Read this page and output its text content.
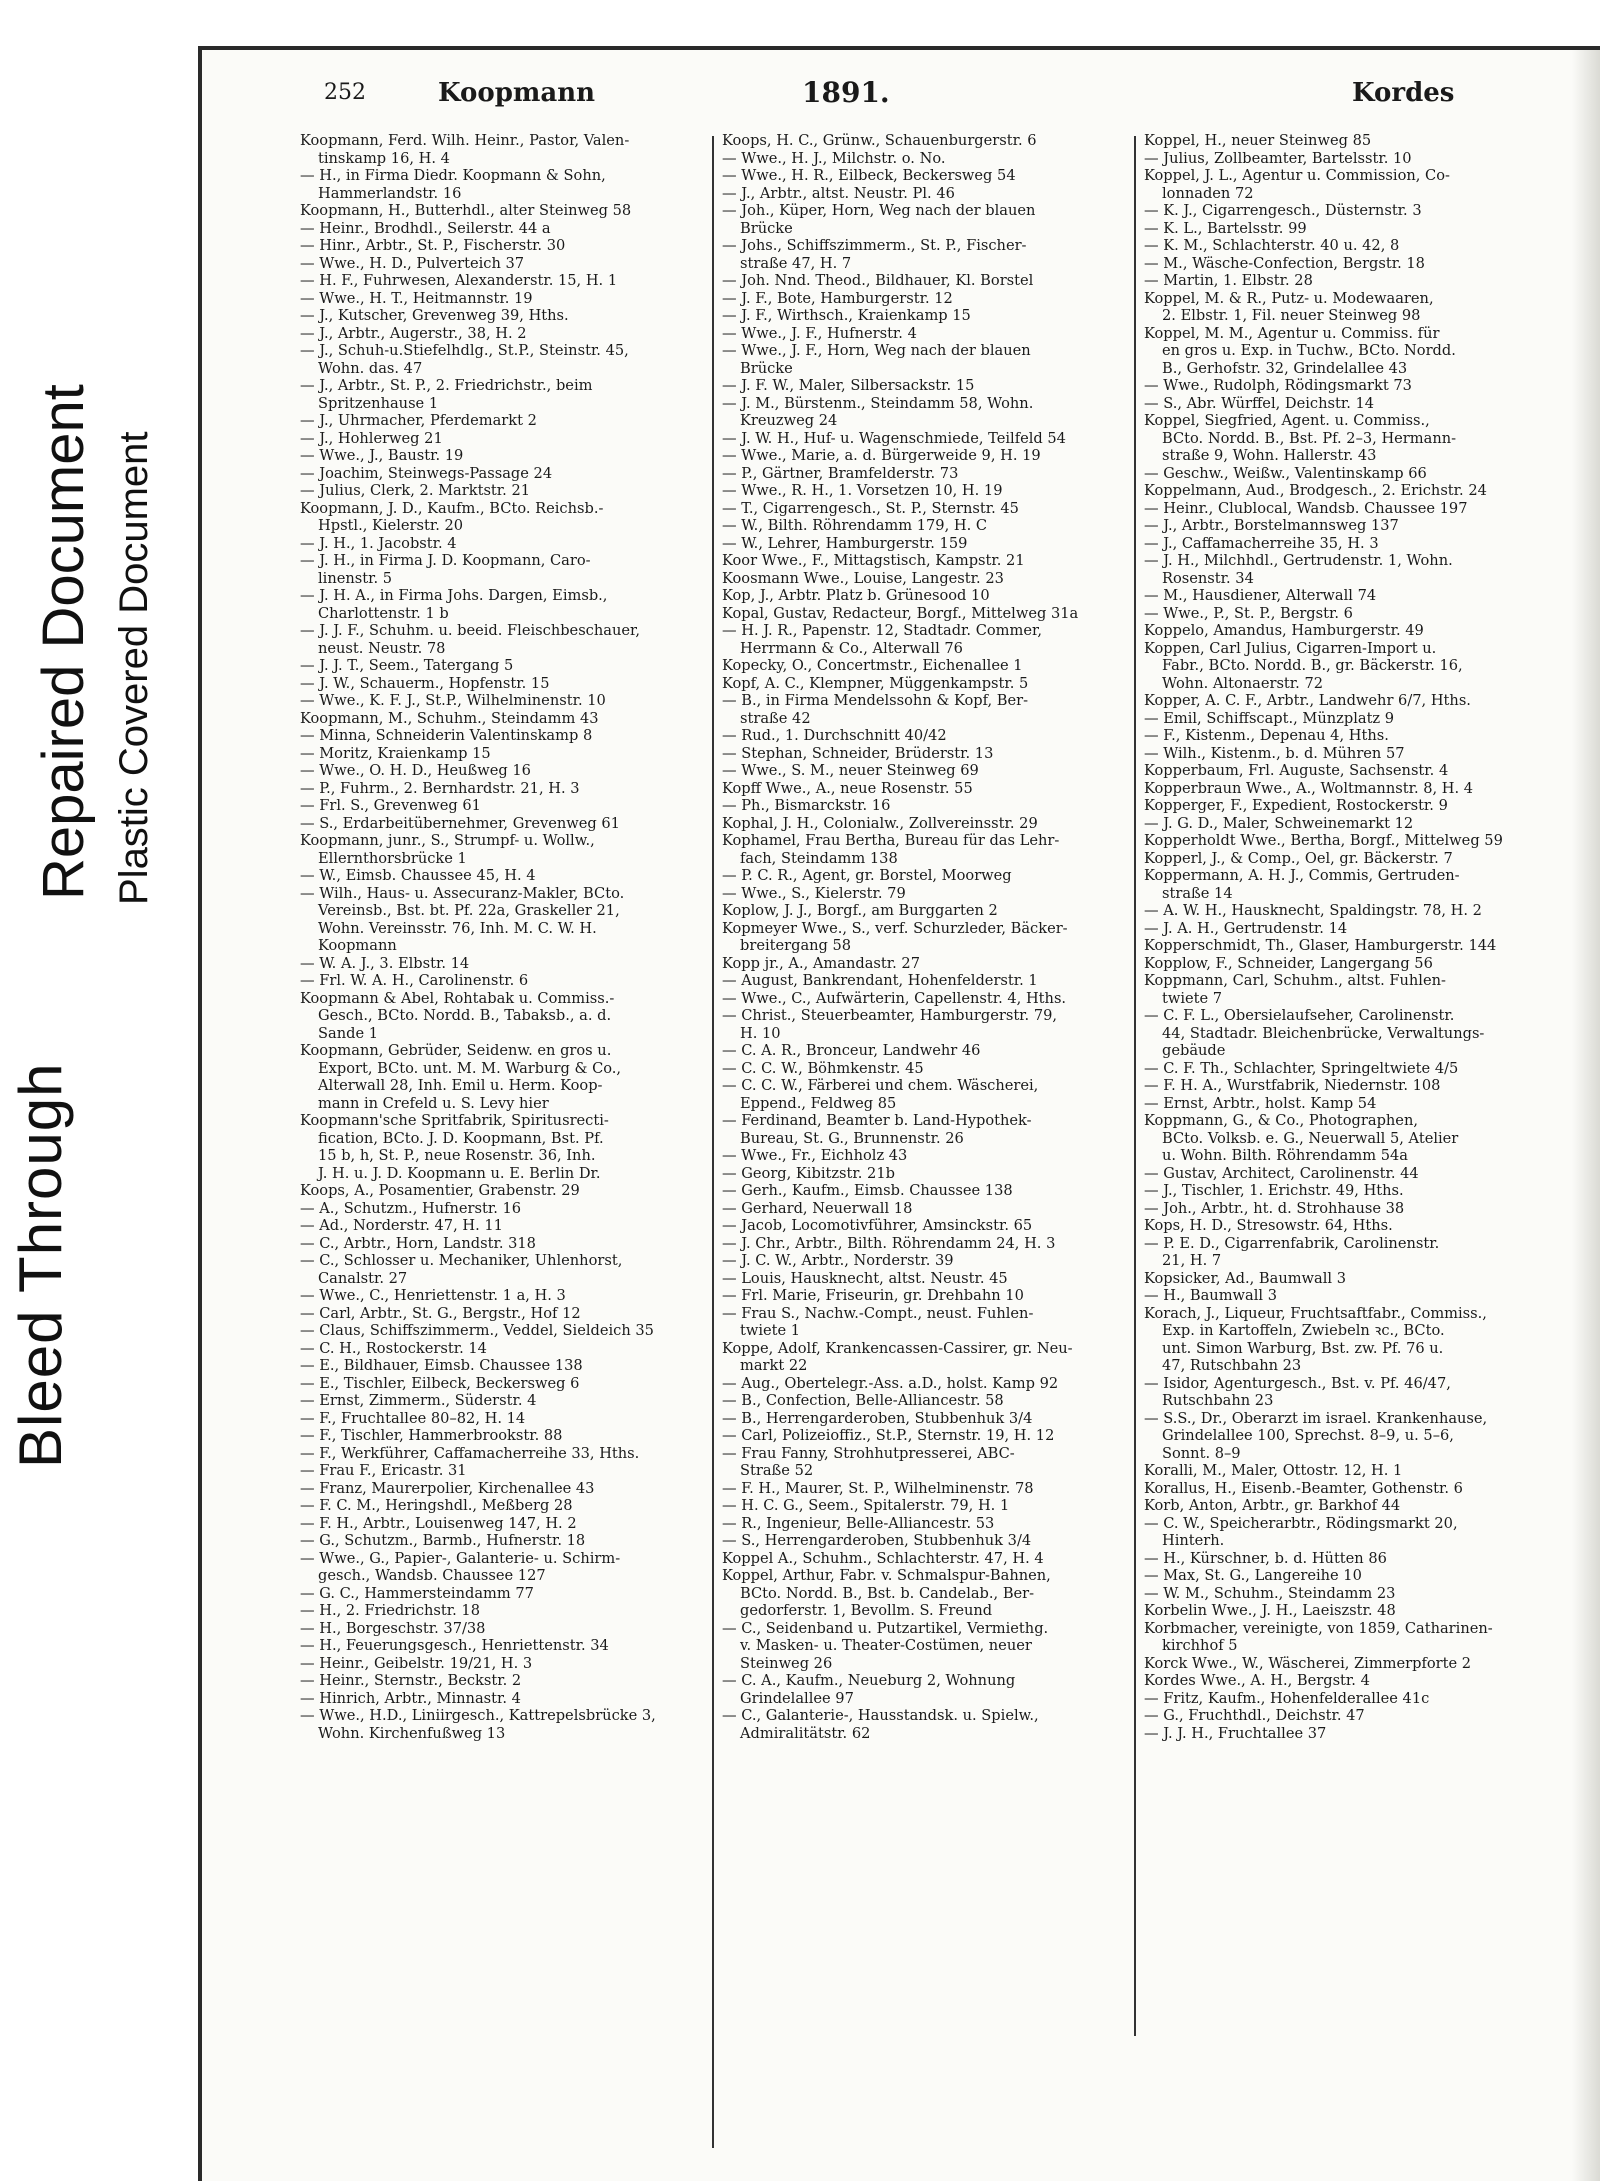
Bleed Through
Repaired Document Plastic Covered Document
252	Koopmann	1891.	Kordes
Koopmann, Ferd. Wilh. Heinr., Pastor, Valen-
tinskamp 16, H. 4
— H., in Firma Diedr. Koopmann & Sohn,
Hammerlandstr. 16
Koopmann, H., Butterhdl., alter Steinweg 58
— Heinr., Brodhdl., Seilerstr. 44 a
— Hinr., Arbtr., St. P., Fischerstr. 30
— Wwe., H. D., Pulverteich 37
— H. F., Fuhrwesen, Alexanderstr. 15, H. 1
— Wwe., H. T., Heitmannstr. 19
— J., Kutscher, Grevenweg 39, Hths.
— J., Arbtr., Augerstr., 38, H. 2
— J., Schuh-u.Stiefelhdlg., St.P., Steinstr. 45,
Wohn. das. 47
— J., Arbtr., St. P., 2. Friedrichstr., beim
Spritzenhause 1
— J., Uhrmacher, Pferdemarkt 2
— J., Hohlerweg 21
— Wwe., J., Baustr. 19
— Joachim, Steinwegs-Passage 24
— Julius, Clerk, 2. Marktstr. 21
Koopmann, J. D., Kaufm., BCto. Reichsb.-
Hpstl., Kielerstr. 20
— J. H., 1. Jacobstr. 4
— J. H., in Firma J. D. Koopmann, Caro-
linenstr. 5
— J. H. A., in Firma Johs. Dargen, Eimsb.,
Charlottenstr. 1 b
— J. J. F., Schuhm. u. beeid. Fleischbeschauer,
neust. Neustr. 78
— J. J. T., Seem., Tatergang 5
— J. W., Schauerm., Hopfenstr. 15
— Wwe., K. F. J., St.P., Wilhelminenstr. 10
Koopmann, M., Schuhm., Steindamm 43
— Minna, Schneiderin Valentinskamp 8
— Moritz, Kraienkamp 15
— Wwe., O. H. D., Heußweg 16
— P., Fuhrm., 2. Bernhardstr. 21, H. 3
— Frl. S., Grevenweg 61
— S., Erdarbeitübernehmer, Grevenweg 61
Koopmann, junr., S., Strumpf- u. Wollw.,
Ellernthorsbrücke 1
— W., Eimsb. Chaussee 45, H. 4
— Wilh., Haus- u. Assecuranz-Makler, BCto.
Vereinsb., Bst. bt. Pf. 22a, Graskeller 21,
Wohn. Vereinsstr. 76, Inh. M. C. W. H.
Koopmann
— W. A. J., 3. Elbstr. 14
— Frl. W. A. H., Carolinenstr. 6
Koopmann & Abel, Rohtabak u. Commiss.-
Gesch., BCto. Nordd. B., Tabaksb., a. d.
Sande 1
Koopmann, Gebrüder, Seidenw. en gros u.
Export, BCto. unt. M. M. Warburg & Co.,
Alterwall 28, Inh. Emil u. Herm. Koop-
mann in Crefeld u. S. Levy hier
Koopmann'sche Spritfabrik, Spiritusrecti-
fication, BCto. J. D. Koopmann, Bst. Pf.
15 b, h, St. P., neue Rosenstr. 36, Inh.
J. H. u. J. D. Koopmann u. E. Berlin Dr.
Koops, A., Posamentier, Grabenstr. 29
— A., Schutzm., Hufnerstr. 16
— Ad., Norderstr. 47, H. 11
— C., Arbtr., Horn, Landstr. 318
— C., Schlosser u. Mechaniker, Uhlenhorst,
Canalstr. 27
— Wwe., C., Henriettenstr. 1 a, H. 3
— Carl, Arbtr., St. G., Bergstr., Hof 12
— Claus, Schiffszimmerm., Veddel, Sieldeich 35
— C. H., Rostockerstr. 14
— E., Bildhauer, Eimsb. Chaussee 138
— E., Tischler, Eilbeck, Beckersweg 6
— Ernst, Zimmerm., Süderstr. 4
— F., Fruchtallee 80–82, H. 14
— F., Tischler, Hammerbrookstr. 88
— F., Werkführer, Caffamacherreihe 33, Hths.
— Frau F., Ericastr. 31
— Franz, Maurerpolier, Kirchenallee 43
— F. C. M., Heringshdl., Meßberg 28
— F. H., Arbtr., Louisenweg 147, H. 2
— G., Schutzm., Barmb., Hufnerstr. 18
— Wwe., G., Papier-, Galanterie- u. Schirm-
gesch., Wandsb. Chaussee 127
— G. C., Hammersteindamm 77
— H., 2. Friedrichstr. 18
— H., Borgeschstr. 37/38
— H., Feuerungsgesch., Henriettenstr. 34
— Heinr., Geibelstr. 19/21, H. 3
— Heinr., Sternstr., Beckstr. 2
— Hinrich, Arbtr., Minnastr. 4
— Wwe., H.D., Liniirgesch., Kattrepelsbrücke 3,
Wohn. Kirchenfußweg 13
Koops, H. C., Grünw., Schauenburgerstr. 6
— Wwe., H. J., Milchstr. o. No.
— Wwe., H. R., Eilbeck, Beckersweg 54
— J., Arbtr., altst. Neustr. Pl. 46
— Joh., Küper, Horn, Weg nach der blauen
Brücke
— Johs., Schiffszimmerm., St. P., Fischer-
straße 47, H. 7
— Joh. Nnd. Theod., Bildhauer, Kl. Borstel
— J. F., Bote, Hamburgerstr. 12
— J. F., Wirthsch., Kraienkamp 15
— Wwe., J. F., Hufnerstr. 4
— Wwe., J. F., Horn, Weg nach der blauen
Brücke
— J. F. W., Maler, Silbersackstr. 15
— J. M., Bürstenm., Steindamm 58, Wohn.
Kreuzweg 24
— J. W. H., Huf- u. Wagenschmiede, Teilfeld 54
— Wwe., Marie, a. d. Bürgerweide 9, H. 19
— P., Gärtner, Bramfelderstr. 73
— Wwe., R. H., 1. Vorsetzen 10, H. 19
— T., Cigarrengesch., St. P., Sternstr. 45
— W., Bilth. Röhrendamm 179, H. C
— W., Lehrer, Hamburgerstr. 159
Koor Wwe., F., Mittagstisch, Kampstr. 21
Koosmann Wwe., Louise, Langestr. 23
Kop, J., Arbtr. Platz b. Grünesood 10
Kopal, Gustav, Redacteur, Borgf., Mittelweg 31a
— H. J. R., Papenstr. 12, Stadtadr. Commer,
Herrmann & Co., Alterwall 76
Kopecky, O., Concertmstr., Eichenallee 1
Kopf, A. C., Klempner, Müggenkampstr. 5
— B., in Firma Mendelssohn & Kopf, Ber-
straße 42
— Rud., 1. Durchschnitt 40/42
— Stephan, Schneider, Brüderstr. 13
— Wwe., S. M., neuer Steinweg 69
Kopff Wwe., A., neue Rosenstr. 55
— Ph., Bismarckstr. 16
Kophal, J. H., Colonialw., Zollvereinsstr. 29
Kophamel, Frau Bertha, Bureau für das Lehr-
fach, Steindamm 138
— P. C. R., Agent, gr. Borstel, Moorweg
— Wwe., S., Kielerstr. 79
Koplow, J. J., Borgf., am Burggarten 2
Kopmeyer Wwe., S., verf. Schurzleder, Bäcker-
breitergang 58
Kopp jr., A., Amandastr. 27
— August, Bankrendant, Hohenfelderstr. 1
— Wwe., C., Aufwärterin, Capellenstr. 4, Hths.
— Christ., Steuerbeamter, Hamburgerstr. 79,
H. 10
— C. A. R., Bronceur, Landwehr 46
— C. C. W., Böhmkenstr. 45
— C. C. W., Färberei und chem. Wäscherei,
Eppend., Feldweg 85
— Ferdinand, Beamter b. Land-Hypothek-
Bureau, St. G., Brunnenstr. 26
— Wwe., Fr., Eichholz 43
— Georg, Kibitzstr. 21b
— Gerh., Kaufm., Eimsb. Chaussee 138
— Gerhard, Neuerwall 18
— Jacob, Locomotivführer, Amsinckstr. 65
— J. Chr., Arbtr., Bilth. Röhrendamm 24, H. 3
— J. C. W., Arbtr., Norderstr. 39
— Louis, Hausknecht, altst. Neustr. 45
— Frl. Marie, Friseurin, gr. Drehbahn 10
— Frau S., Nachw.-Compt., neust. Fuhlen-
twiete 1
Koppe, Adolf, Krankencassen-Cassirer, gr. Neu-
markt 22
— Aug., Obertelegr.-Ass. a.D., holst. Kamp 92
— B., Confection, Belle-Alliancestr. 58
— B., Herrengarderoben, Stubbenhuk 3/4
— Carl, Polizeioffiz., St.P., Sternstr. 19, H. 12
— Frau Fanny, Strohhutpresserei, ABC-
Straße 52
— F. H., Maurer, St. P., Wilhelminenstr. 78
— H. C. G., Seem., Spitalerstr. 79, H. 1
— R., Ingenieur, Belle-Alliancestr. 53
— S., Herrengarderoben, Stubbenhuk 3/4
Koppel A., Schuhm., Schlachterstr. 47, H. 4
Koppel, Arthur, Fabr. v. Schmalspur-Bahnen,
BCto. Nordd. B., Bst. b. Candelab., Ber-
gedorferstr. 1, Bevollm. S. Freund
— C., Seidenband u. Putzartikel, Vermiethg.
v. Masken- u. Theater-Costümen, neuer
Steinweg 26
— C. A., Kaufm., Neueburg 2, Wohnung
Grindelallee 97
— C., Galanterie-, Hausstandsk. u. Spielw.,
Admiralitätstr. 62
Koppel, H., neuer Steinweg 85
— Julius, Zollbeamter, Bartelsstr. 10
Koppel, J. L., Agentur u. Commission, Co-
lonnaden 72
— K. J., Cigarrengesch., Düsternstr. 3
— K. L., Bartelsstr. 99
— K. M., Schlachterstr. 40 u. 42, 8
— M., Wäsche-Confection, Bergstr. 18
— Martin, 1. Elbstr. 28
Koppel, M. & R., Putz- u. Modewaaren,
2. Elbstr. 1, Fil. neuer Steinweg 98
Koppel, M. M., Agentur u. Commiss. für
en gros u. Exp. in Tuchw., BCto. Nordd.
B., Gerhofstr. 32, Grindelallee 43
— Wwe., Rudolph, Rödingsmarkt 73
— S., Abr. Würffel, Deichstr. 14
Koppel, Siegfried, Agent. u. Commiss.,
BCto. Nordd. B., Bst. Pf. 2–3, Hermann-
straße 9, Wohn. Hallerstr. 43
— Geschw., Weißw., Valentinskamp 66
Koppelmann, Aud., Brodgesch., 2. Erichstr. 24
— Heinr., Clublocal, Wandsb. Chaussee 197
— J., Arbtr., Borstelmannsweg 137
— J., Caffamacherreihe 35, H. 3
— J. H., Milchhdl., Gertrudenstr. 1, Wohn.
Rosenstr. 34
— M., Hausdiener, Alterwall 74
— Wwe., P., St. P., Bergstr. 6
Koppelo, Amandus, Hamburgerstr. 49
Koppen, Carl Julius, Cigarren-Import u.
Fabr., BCto. Nordd. B., gr. Bäckerstr. 16,
Wohn. Altonaerstr. 72
Kopper, A. C. F., Arbtr., Landwehr 6/7, Hths.
— Emil, Schiffscapt., Münzplatz 9
— F., Kistenm., Depenau 4, Hths.
— Wilh., Kistenm., b. d. Mühren 57
Kopperbaum, Frl. Auguste, Sachsenstr. 4
Kopperbraun Wwe., A., Woltmannstr. 8, H. 4
Kopperger, F., Expedient, Rostockerstr. 9
— J. G. D., Maler, Schweinemarkt 12
Kopperholdt Wwe., Bertha, Borgf., Mittelweg 59
Kopperl, J., & Comp., Oel, gr. Bäckerstr. 7
Koppermann, A. H. J., Commis, Gertruden-
straße 14
— A. W. H., Hausknecht, Spaldingstr. 78, H. 2
— J. A. H., Gertrudenstr. 14
Kopperschmidt, Th., Glaser, Hamburgerstr. 144
Kopplow, F., Schneider, Langergang 56
Koppmann, Carl, Schuhm., altst. Fuhlen-
twiete 7
— C. F. L., Obersielaufseher, Carolinenstr.
44, Stadtadr. Bleichenbrücke, Verwaltungs-
gebäude
— C. F. Th., Schlachter, Springeltwiete 4/5
— F. H. A., Wurstfabrik, Niedernstr. 108
— Ernst, Arbtr., holst. Kamp 54
Koppmann, G., & Co., Photographen,
BCto. Volksb. e. G., Neuerwall 5, Atelier
u. Wohn. Bilth. Röhrendamm 54a
— Gustav, Architect, Carolinenstr. 44
— J., Tischler, 1. Erichstr. 49, Hths.
— Joh., Arbtr., ht. d. Strohhause 38
Kops, H. D., Stresowstr. 64, Hths.
— P. E. D., Cigarrenfabrik, Carolinenstr.
21, H. 7
Kopsicker, Ad., Baumwall 3
— H., Baumwall 3
Korach, J., Liqueur, Fruchtsaftfabr., Commiss.,
Exp. in Kartoffeln, Zwiebeln ꝛc., BCto.
unt. Simon Warburg, Bst. zw. Pf. 76 u.
47, Rutschbahn 23
— Isidor, Agenturgesch., Bst. v. Pf. 46/47,
Rutschbahn 23
— S.S., Dr., Oberarzt im israel. Krankenhause,
Grindelallee 100, Sprechst. 8–9, u. 5–6,
Sonnt. 8–9
Koralli, M., Maler, Ottostr. 12, H. 1
Korallus, H., Eisenb.-Beamter, Gothenstr. 6
Korb, Anton, Arbtr., gr. Barkhof 44
— C. W., Speicherarbtr., Rödingsmarkt 20,
Hinterh.
— H., Kürschner, b. d. Hütten 86
— Max, St. G., Langereihe 10
— W. M., Schuhm., Steindamm 23
Korbelin Wwe., J. H., Laeiszstr. 48
Korbmacher, vereinigte, von 1859, Catharinen-
kirchhof 5
Korck Wwe., W., Wäscherei, Zimmerpforte 2
Kordes Wwe., A. H., Bergstr. 4
— Fritz, Kaufm., Hohenfelderallee 41c
— G., Fruchthdl., Deichstr. 47
— J. J. H., Fruchtallee 37
